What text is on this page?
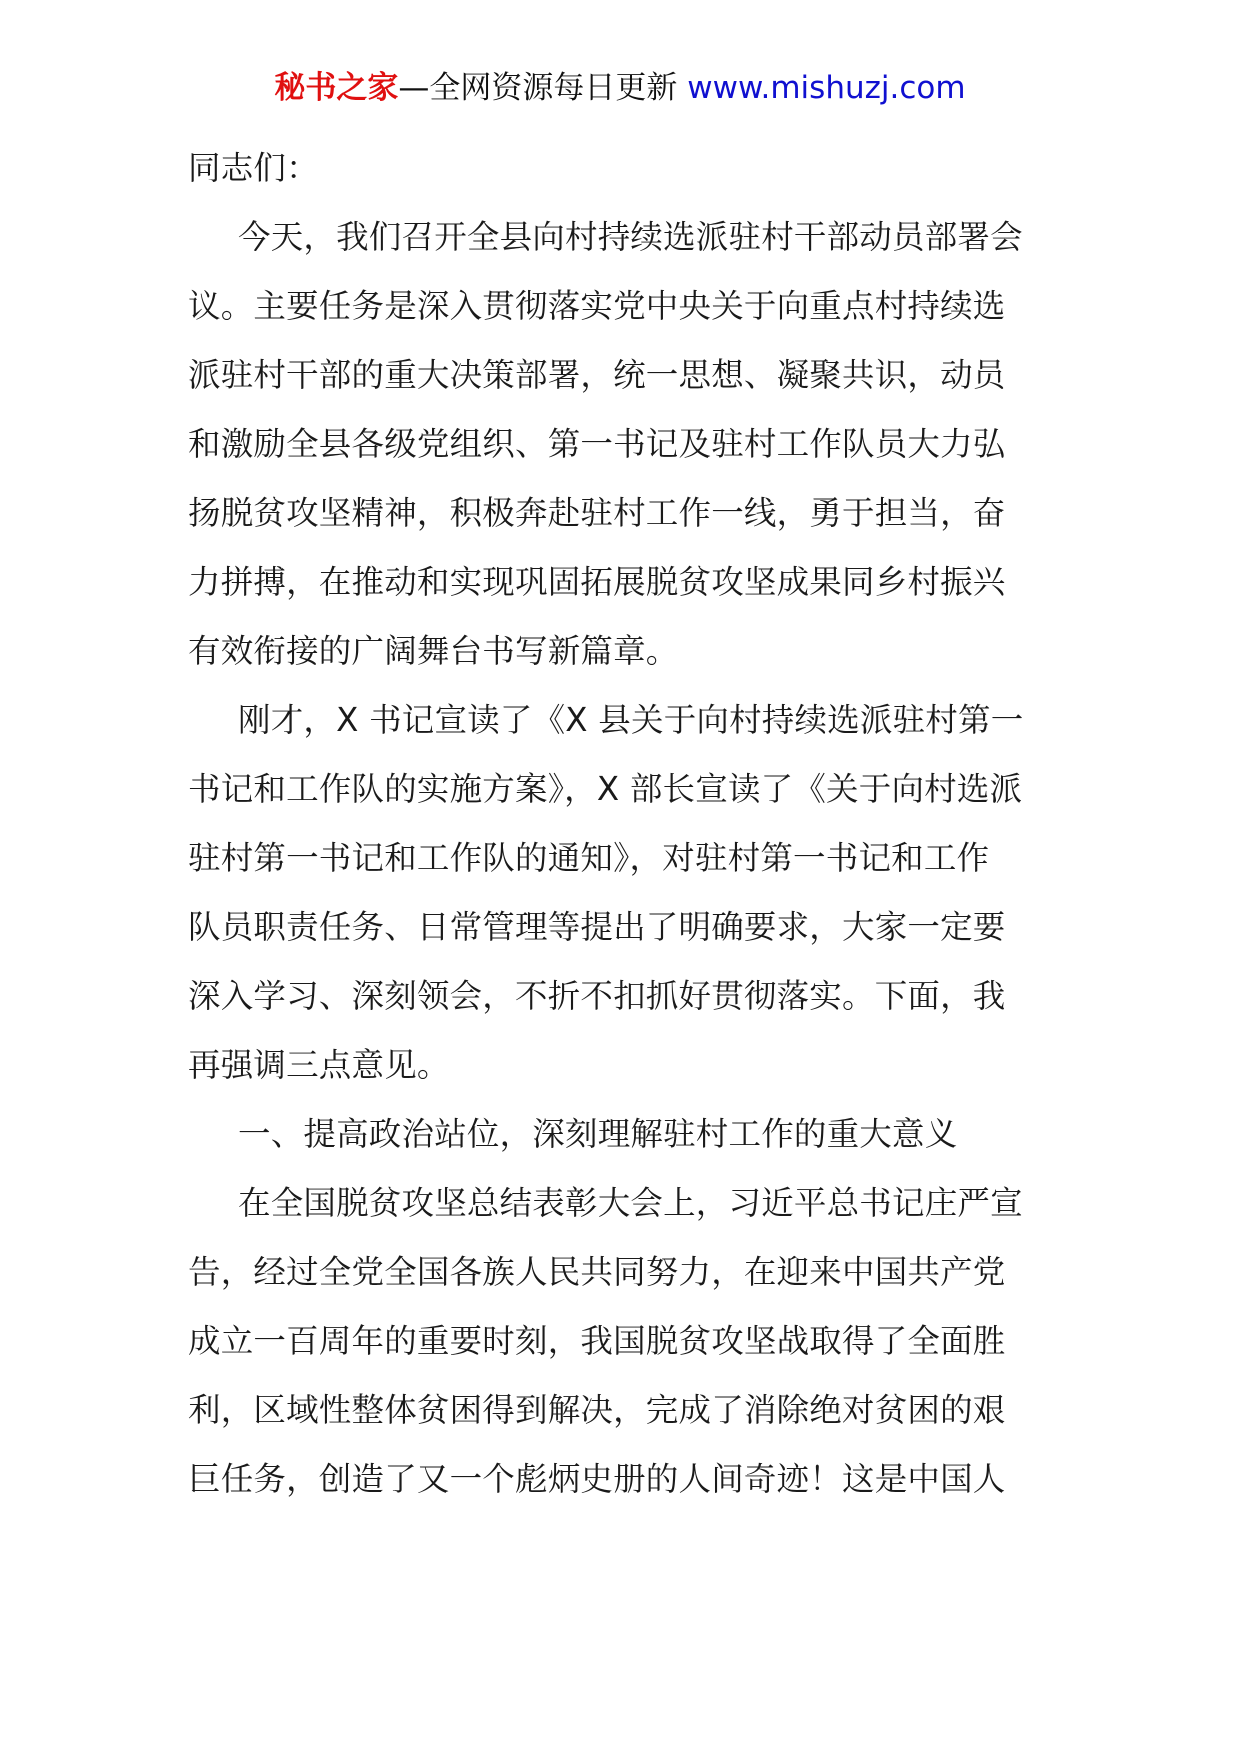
秘书之家—全网资源每日更新 www.mishuzj.com
同志们：
今天，我们召开全县向村持续选派驻村干部动员部署会
议。主要任务是深入贯彻落实党中央关于向重点村持续选
派驻村干部的重大决策部署，统一思想、凝聚共识，动员
和激励全县各级党组织、第一书记及驻村工作队员大力弘
扬脱贫攻坚精神，积极奔赴驻村工作一线，勇于担当，奋
力拼搏，在推动和实现巩固拓展脱贫攻坚成果同乡村振兴
有效衔接的广阔舞台书写新篇章。
刚才，X 书记宣读了《X 县关于向村持续选派驻村第一
书记和工作队的实施方案》，X 部长宣读了《关于向村选派
驻村第一书记和工作队的通知》，对驻村第一书记和工作
队员职责任务、日常管理等提出了明确要求，大家一定要
深入学习、深刻领会，不折不扣抓好贯彻落实。下面，我
再强调三点意见。
一、提高政治站位，深刻理解驻村工作的重大意义
在全国脱贫攻坚总结表彰大会上，习近平总书记庄严宣
告，经过全党全国各族人民共同努力，在迎来中国共产党
成立一百周年的重要时刻，我国脱贫攻坚战取得了全面胜
利，区域性整体贫困得到解决，完成了消除绝对贫困的艰
巨任务，创造了又一个彪炳史册的人间奇迹！这是中国人
